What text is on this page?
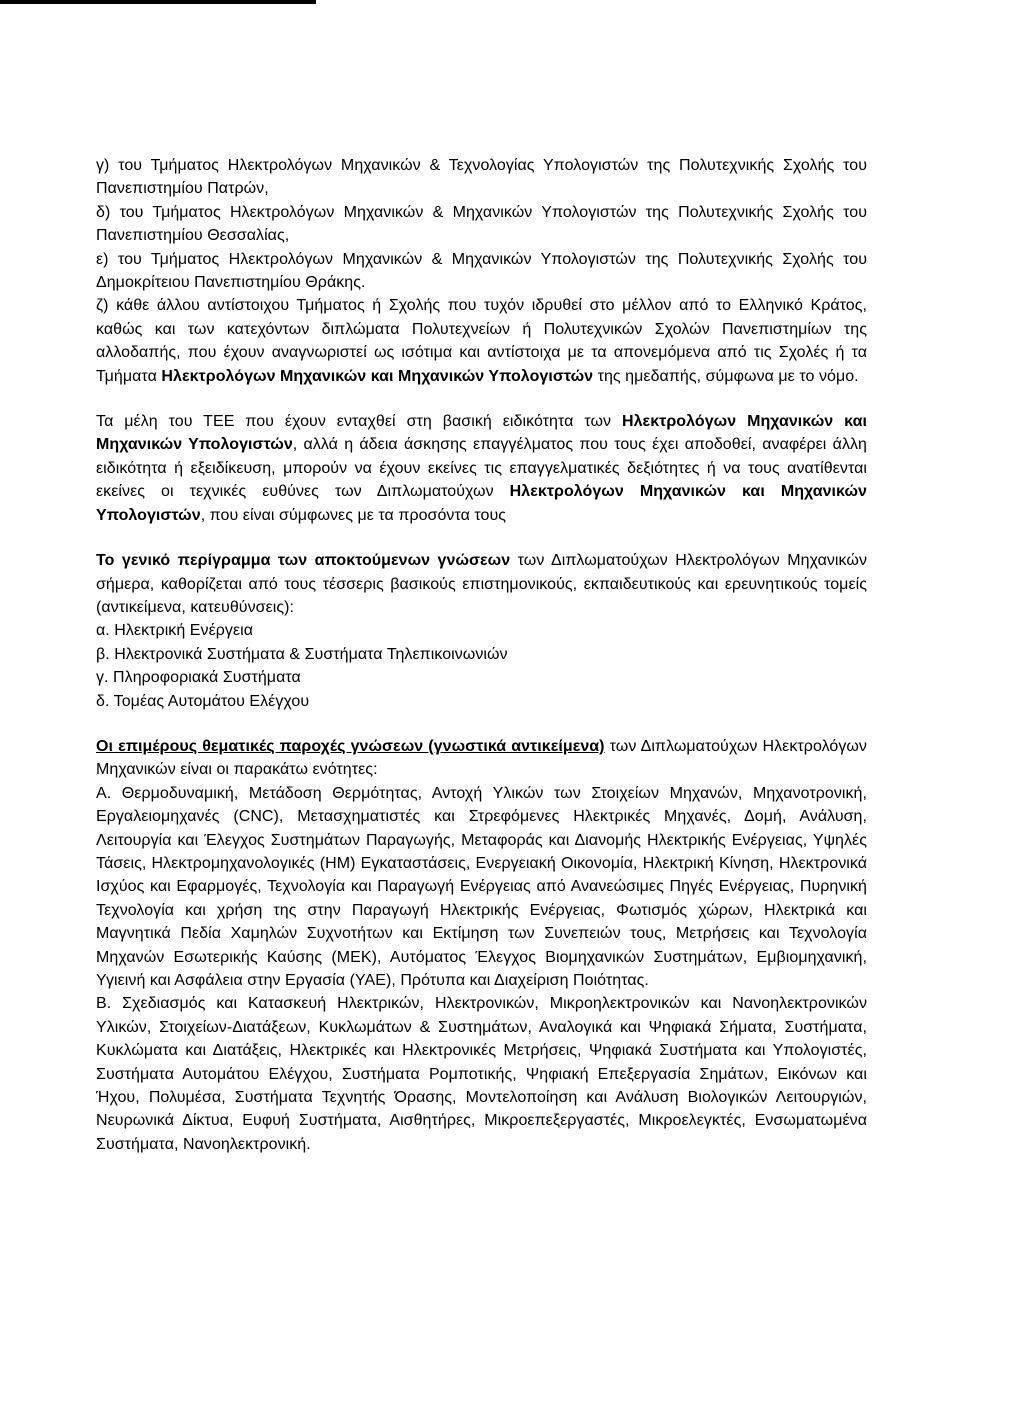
γ) του Τμήματος Ηλεκτρολόγων Μηχανικών & Τεχνολογίας Υπολογιστών της Πολυτεχνικής Σχολής του Πανεπιστημίου Πατρών,

δ) του Τμήματος Ηλεκτρολόγων Μηχανικών & Μηχανικών Υπολογιστών της Πολυτεχνικής Σχολής του Πανεπιστημίου Θεσσαλίας,

ε) του Τμήματος Ηλεκτρολόγων Μηχανικών & Μηχανικών Υπολογιστών της Πολυτεχνικής Σχολής του Δημοκρίτειου Πανεπιστημίου Θράκης.

ζ) κάθε άλλου αντίστοιχου Τμήματος ή Σχολής που τυχόν ιδρυθεί στο μέλλον από το Ελληνικό Κράτος, καθώς και των κατεχόντων διπλώματα Πολυτεχνείων ή Πολυτεχνικών Σχολών Πανεπιστημίων της αλλοδαπής, που έχουν αναγνωριστεί ως ισότιμα και αντίστοιχα με τα απονεμόμενα από τις Σχολές ή τα Τμήματα Ηλεκτρολόγων Μηχανικών και Μηχανικών Υπολογιστών της ημεδαπής, σύμφωνα με το νόμο.

Τα μέλη του ΤΕΕ που έχουν ενταχθεί στη βασική ειδικότητα των Ηλεκτρολόγων Μηχανικών και Μηχανικών Υπολογιστών, αλλά η άδεια άσκησης επαγγέλματος που τους έχει αποδοθεί, αναφέρει άλλη ειδικότητα ή εξειδίκευση, μπορούν να έχουν εκείνες τις επαγγελματικές δεξιότητες ή να τους ανατίθενται εκείνες οι τεχνικές ευθύνες των Διπλωματούχων Ηλεκτρολόγων Μηχανικών και Μηχανικών Υπολογιστών, που είναι σύμφωνες με τα προσόντα τους

Το γενικό περίγραμμα των αποκτούμενων γνώσεων των Διπλωματούχων Ηλεκτρολόγων Μηχανικών σήμερα, καθορίζεται από τους τέσσερις βασικούς επιστημονικούς, εκπαιδευτικούς και ερευνητικούς τομείς (αντικείμενα, κατευθύνσεις):

α. Ηλεκτρική Ενέργεια

β. Ηλεκτρονικά Συστήματα & Συστήματα Τηλεπικοινωνιών

γ. Πληροφοριακά Συστήματα

δ. Τομέας Αυτομάτου Ελέγχου

Οι επιμέρους θεματικές παροχές γνώσεων (γνωστικά αντικείμενα) των Διπλωματούχων Ηλεκτρολόγων Μηχανικών είναι οι παρακάτω ενότητες:

Α. Θερμοδυναμική, Μετάδοση Θερμότητας, Αντοχή Υλικών των Στοιχείων Μηχανών, Μηχανοτρονική, Εργαλειομηχανές (CNC), Μετασχηματιστές και Στρεφόμενες Ηλεκτρικές Μηχανές, Δομή, Ανάλυση, Λειτουργία και Έλεγχος Συστημάτων Παραγωγής, Μεταφοράς και Διανομής Ηλεκτρικής Ενέργειας, Υψηλές Τάσεις, Ηλεκτρομηχανολογικές (ΗΜ) Εγκαταστάσεις, Ενεργειακή Οικονομία, Ηλεκτρική Κίνηση, Ηλεκτρονικά Ισχύος και Εφαρμογές, Τεχνολογία και Παραγωγή Ενέργειας από Ανανεώσιμες Πηγές Ενέργειας, Πυρηνική Τεχνολογία και χρήση της στην Παραγωγή Ηλεκτρικής Ενέργειας, Φωτισμός χώρων, Ηλεκτρικά και Μαγνητικά Πεδία Χαμηλών Συχνοτήτων και Εκτίμηση των Συνεπειών τους, Μετρήσεις και Τεχνολογία Μηχανών Εσωτερικής Καύσης (ΜΕΚ), Αυτόματος Έλεγχος Βιομηχανικών Συστημάτων, Εμβιομηχανική, Υγιεινή και Ασφάλεια στην Εργασία (ΥΑΕ), Πρότυπα και Διαχείριση Ποιότητας.

Β. Σχεδιασμός και Κατασκευή Ηλεκτρικών, Ηλεκτρονικών, Μικροηλεκτρονικών και Νανοηλεκτρονικών Υλικών, Στοιχείων-Διατάξεων, Κυκλωμάτων & Συστημάτων, Αναλογικά και Ψηφιακά Σήματα, Συστήματα, Κυκλώματα και Διατάξεις, Ηλεκτρικές και Ηλεκτρονικές Μετρήσεις, Ψηφιακά Συστήματα και Υπολογιστές, Συστήματα Αυτομάτου Ελέγχου, Συστήματα Ρομποτικής, Ψηφιακή Επεξεργασία Σημάτων, Εικόνων και Ήχου, Πολυμέσα, Συστήματα Τεχνητής Όρασης, Μοντελοποίηση και Ανάλυση Βιολογικών Λειτουργιών, Νευρωνικά Δίκτυα, Ευφυή Συστήματα, Αισθητήρες, Μικροεπεξεργαστές, Μικροελεγκτές, Ενσωματωμένα Συστήματα, Νανοηλεκτρονική.
